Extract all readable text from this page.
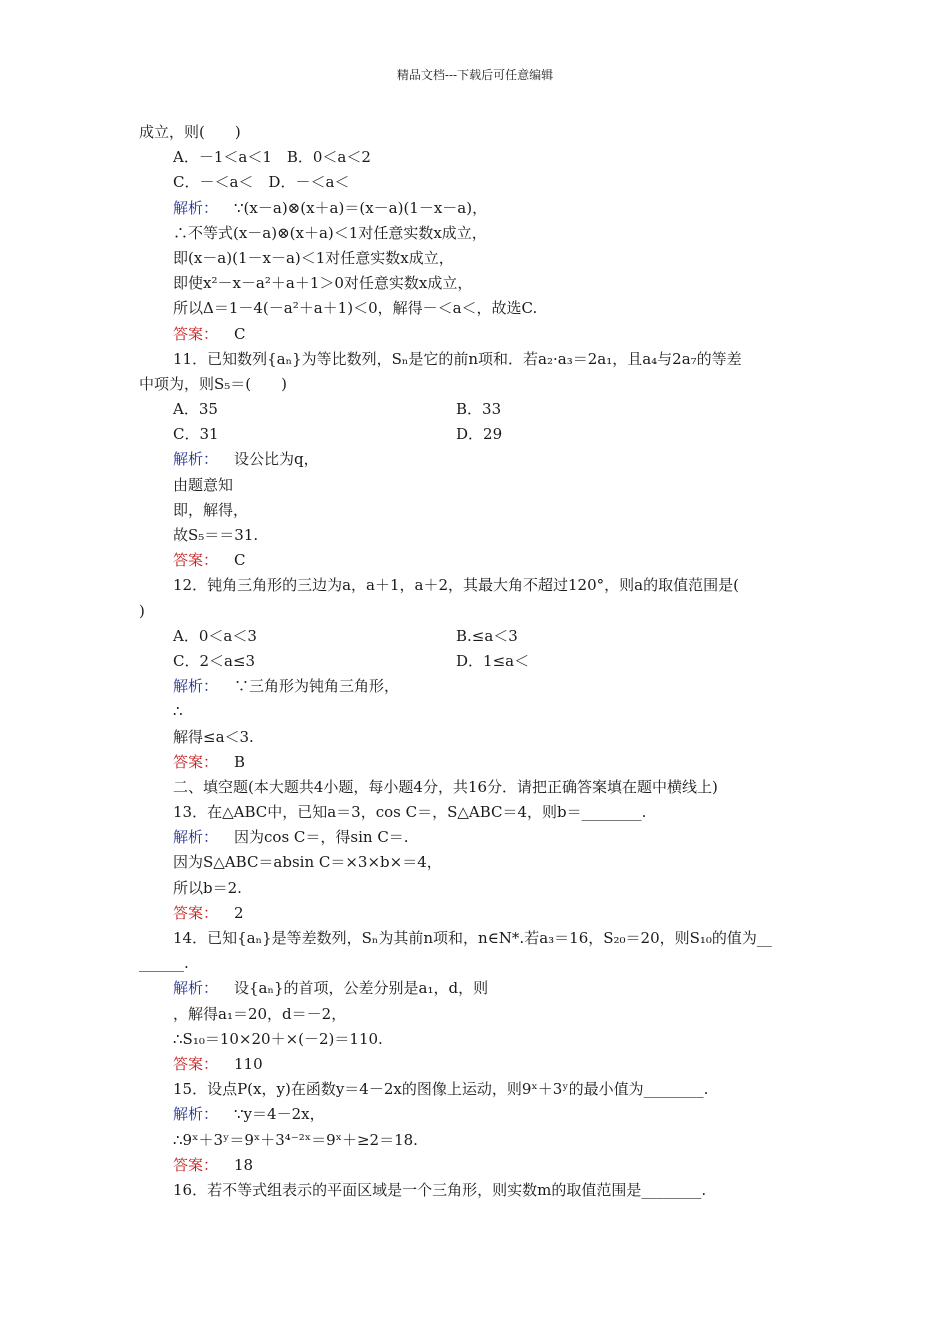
精品文档---下载后可任意编辑
成立，则(　　)
A．－1＜a＜1　B．0＜a＜2
C．－＜a＜　D．－＜a＜
解析： ∵(x－a)⊗(x＋a)＝(x－a)(1－x－a)，
∴不等式(x－a)⊗(x＋a)＜1对任意实数x成立，
即(x－a)(1－x－a)＜1对任意实数x成立，
即使x²－x－a²＋a＋1＞0对任意实数x成立，
所以Δ＝1－4(－a²＋a＋1)＜0，解得－＜a＜，故选C.
答案： C
11．已知数列{aₙ}为等比数列，Sₙ是它的前n项和．若a₂·a₃＝2a₁，且a₄与2a₇的等差
中项为，则S₅＝(　　)
A．35	B．33
C．31	D．29
解析： 设公比为q，
由题意知
即，解得，
故S₅＝＝31.
答案： C
12．钝角三角形的三边为a，a＋1，a＋2，其最大角不超过120°，则a的取值范围是(
)
A．0＜a＜3	B.≤a＜3
C．2＜a≤3	D．1≤a＜
解析： ∵三角形为钝角三角形，
∴
解得≤a＜3.
答案： B
二、填空题(本大题共4小题，每小题4分，共16分．请把正确答案填在题中横线上)
13．在△ABC中，已知a＝3，cos C＝，S△ABC＝4，则b＝________.
解析： 因为cos C＝，得sin C＝.
因为S△ABC＝absin C＝×3×b×＝4，
所以b＝2.
答案： 2
14．已知{aₙ}是等差数列，Sₙ为其前n项和，n∈N*.若a₃＝16，S₂₀＝20，则S₁₀的值为__
______.
解析： 设{aₙ}的首项，公差分别是a₁，d，则
，解得a₁＝20，d＝－2，
∴S₁₀＝10×20＋×(－2)＝110.
答案： 110
15．设点P(x，y)在函数y＝4－2x的图像上运动，则9ˣ＋3ʸ的最小值为________.
解析： ∵y＝4－2x，
∴9ˣ＋3ʸ＝9ˣ＋3⁴⁻²ˣ＝9ˣ＋≥2＝18.
答案： 18
16．若不等式组表示的平面区域是一个三角形，则实数m的取值范围是________.
